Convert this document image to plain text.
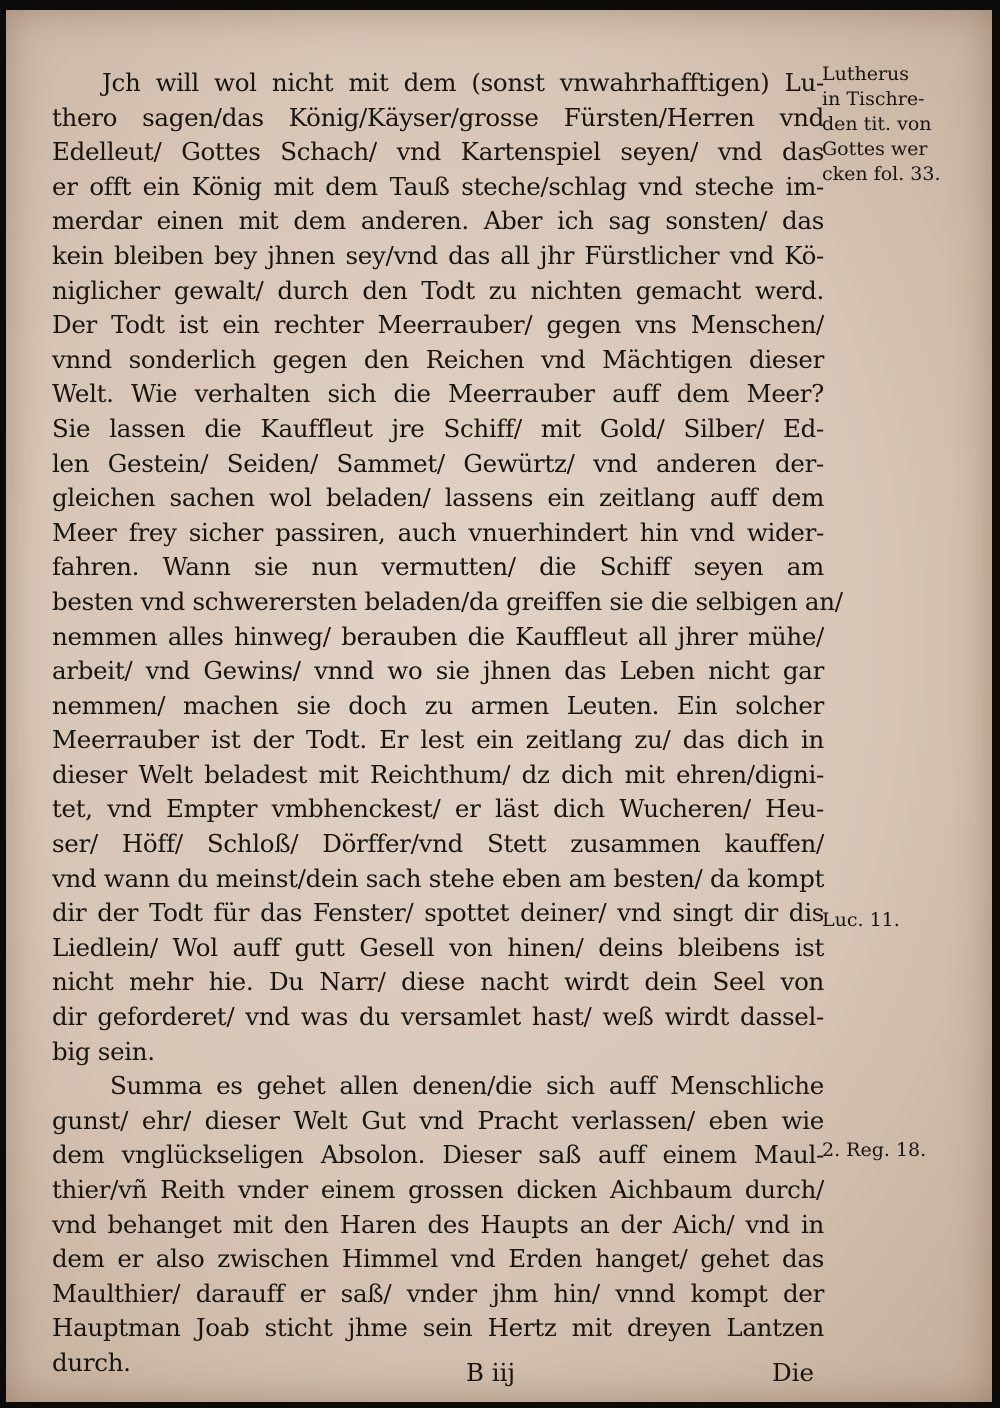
Jch will wol nicht mit dem (sonst vnwahrhafftigen) Lu-
thero sagen/das König/Käyser/grosse Fürsten/Herren vnd
Edelleut/ Gottes Schach/ vnd Kartenspiel seyen/ vnd das
er offt ein König mit dem Tauß steche/schlag vnd steche im-
merdar einen mit dem anderen. Aber ich sag sonsten/ das
kein bleiben bey jhnen sey/vnd das all jhr Fürstlicher vnd Kö-
niglicher gewalt/ durch den Todt zu nichten gemacht werd.
Der Todt ist ein rechter Meerrauber/ gegen vns Menschen/
vnnd sonderlich gegen den Reichen vnd Mächtigen dieser
Welt. Wie verhalten sich die Meerrauber auff dem Meer?
Sie lassen die Kauffleut jre Schiff/ mit Gold/ Silber/ Ed-
len Gestein/ Seiden/ Sammet/ Gewürtz/ vnd anderen der-
gleichen sachen wol beladen/ lassens ein zeitlang auff dem
Meer frey sicher passiren, auch vnuerhindert hin vnd wider-
fahren. Wann sie nun vermutten/ die Schiff seyen am
besten vnd schwerersten beladen/da greiffen sie die selbigen an/
nemmen alles hinweg/ berauben die Kauffleut all jhrer mühe/
arbeit/ vnd Gewins/ vnnd wo sie jhnen das Leben nicht gar
nemmen/ machen sie doch zu armen Leuten. Ein solcher
Meerrauber ist der Todt. Er lest ein zeitlang zu/ das dich in
dieser Welt beladest mit Reichthum/ dz dich mit ehren/digni-
tet, vnd Empter vmbhenckest/ er läst dich Wucheren/ Heu-
ser/ Höff/ Schloß/ Dörffer/vnd Stett zusammen kauffen/
vnd wann du meinst/dein sach stehe eben am besten/ da kompt
dir der Todt für das Fenster/ spottet deiner/ vnd singt dir dis
Liedlein/ Wol auff gutt Gesell von hinen/ deins bleibens ist
nicht mehr hie. Du Narr/ diese nacht wirdt dein Seel von
dir geforderet/ vnd was du versamlet hast/ weß wirdt dassel-
big sein.
Summa es gehet allen denen/die sich auff Menschliche
gunst/ ehr/ dieser Welt Gut vnd Pracht verlassen/ eben wie
dem vnglückseligen Absolon. Dieser saß auff einem Maul-
thier/vñ Reith vnder einem grossen dicken Aichbaum durch/
vnd behanget mit den Haren des Haupts an der Aich/ vnd in
dem er also zwischen Himmel vnd Erden hanget/ gehet das
Maulthier/ darauff er saß/ vnder jhm hin/ vnnd kompt der
Hauptman Joab sticht jhme sein Hertz mit dreyen Lantzen
durch.
Lutherus
in Tischre-
den tit. von
Gottes wer
cken fol. 33.
Luc. 11.
2. Reg. 18.
B iij	Die
